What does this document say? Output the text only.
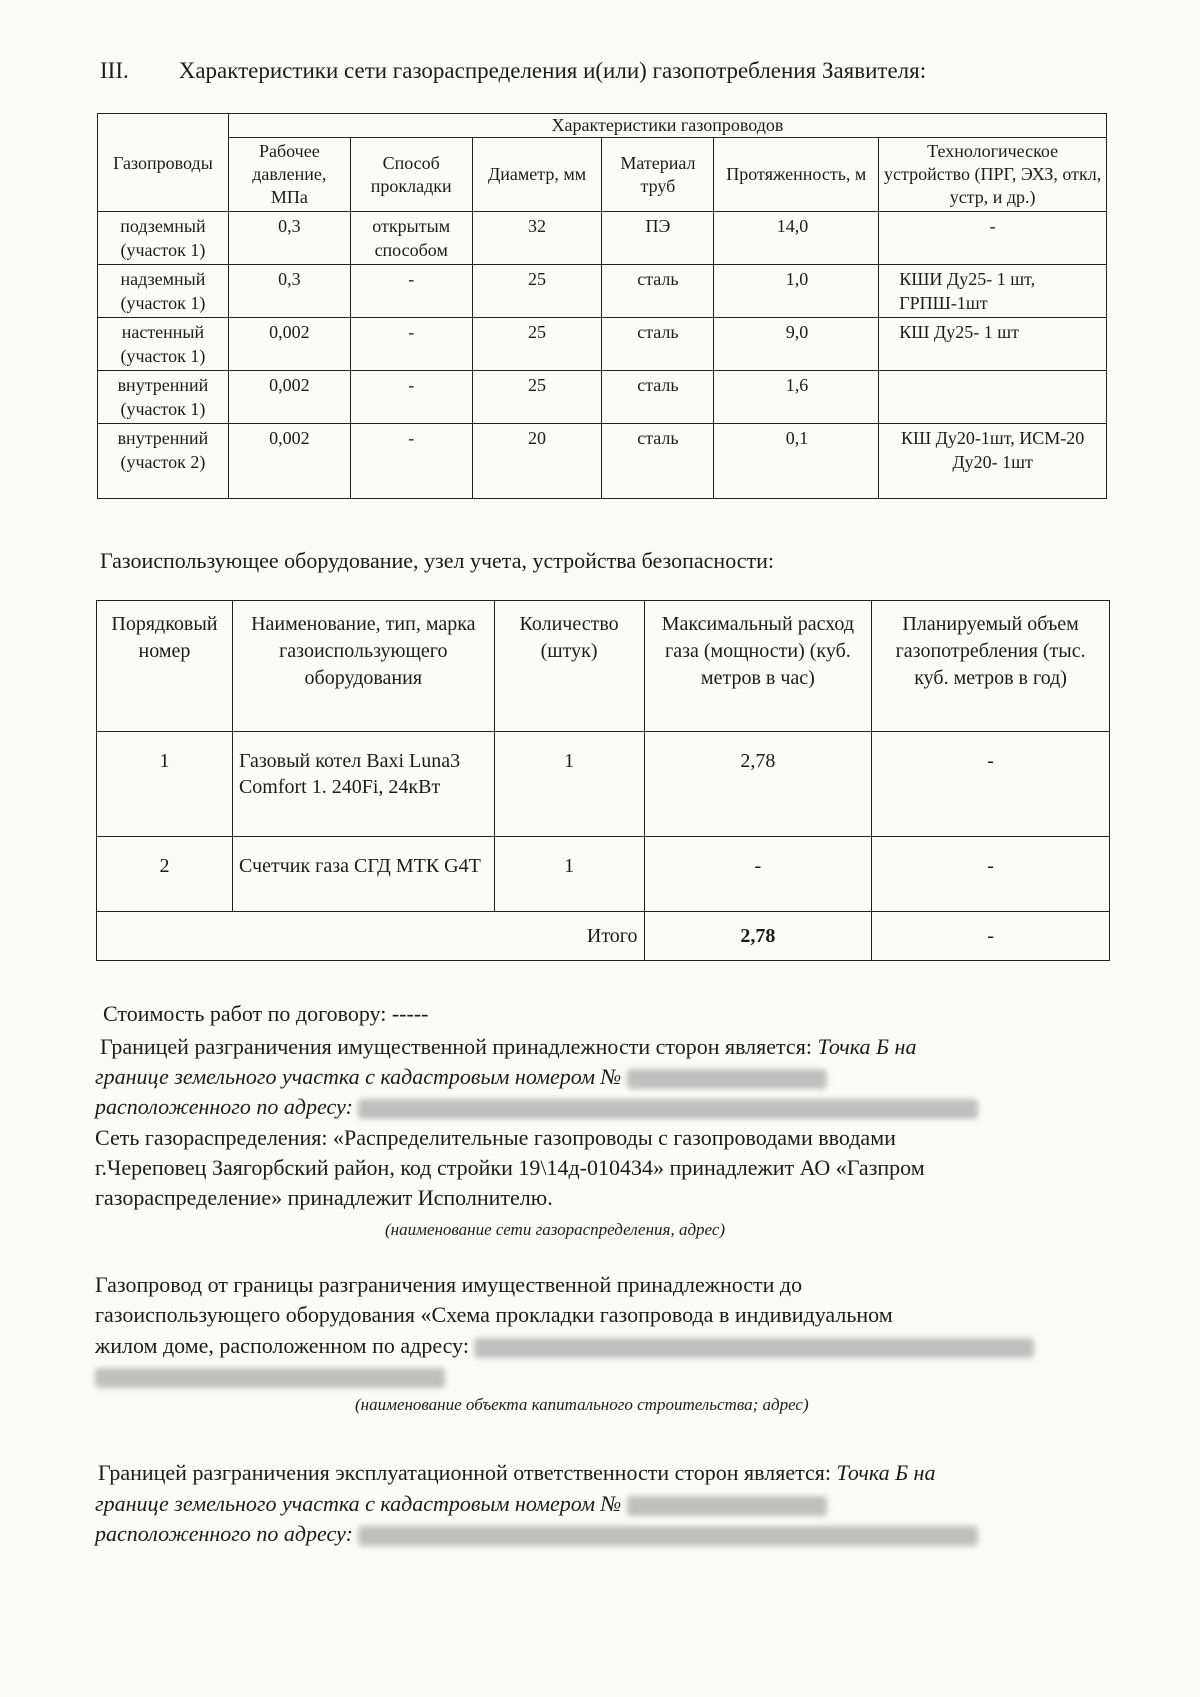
III. Характеристики сети газораспределения и(или) газопотребления Заявителя:
Газопроводы	Характеристики газопроводов					
	Рабочее давление, МПа	Способ прокладки	Диаметр, мм	Материал труб	Протяженность, м	Технологическое устройство (ПРГ, ЭХЗ, откл, устр, и др.)
подземный (участок 1)	0,3	открытым способом	32	ПЭ	14,0	-
надземный (участок 1)	0,3	-	25	сталь	1,0	КШИ Ду25- 1 шт, ГРПШ-1шт
настенный (участок 1)	0,002	-	25	сталь	9,0	КШ Ду25- 1 шт
внутренний (участок 1)	0,002	-	25	сталь	1,6	
внутренний (участок 2)	0,002	-	20	сталь	0,1	КШ Ду20-1шт, ИСМ-20 Ду20- 1шт
Газоиспользующее оборудование, узел учета, устройства безопасности:
Порядковый номер	Наименование, тип, марка газоиспользующего оборудования	Количество (штук)	Максимальный расход газа (мощности) (куб. метров в час)	Планируемый объем газопотребления (тыс. куб. метров в год)
1	Газовый котел Baxi Luna3 Comfort 1. 240Fi, 24кВт	1	2,78	-
2	Счетчик газа СГД МТК G4T	1	-	-
Итого			2,78	-
Стоимость работ по договору: -----
Границей разграничения имущественной принадлежности сторон является: Точка Б на
границе земельного участка с кадастровым номером №
расположенного по адресу:
Сеть газораспределения: «Распределительные газопроводы с газопроводами вводами
г.Череповец Заягорбский район, код стройки 19\14д-010434» принадлежит АО «Газпром
газораспределение» принадлежит Исполнителю.
(наименование сети газораспределения, адрес)
Газопровод от границы разграничения имущественной принадлежности до
газоиспользующего оборудования «Схема прокладки газопровода в индивидуальном
жилом доме, расположенном по адресу:
(наименование объекта капитального строительства; адрес)
Границей разграничения эксплуатационной ответственности сторон является: Точка Б на
границе земельного участка с кадастровым номером №
расположенного по адресу:
